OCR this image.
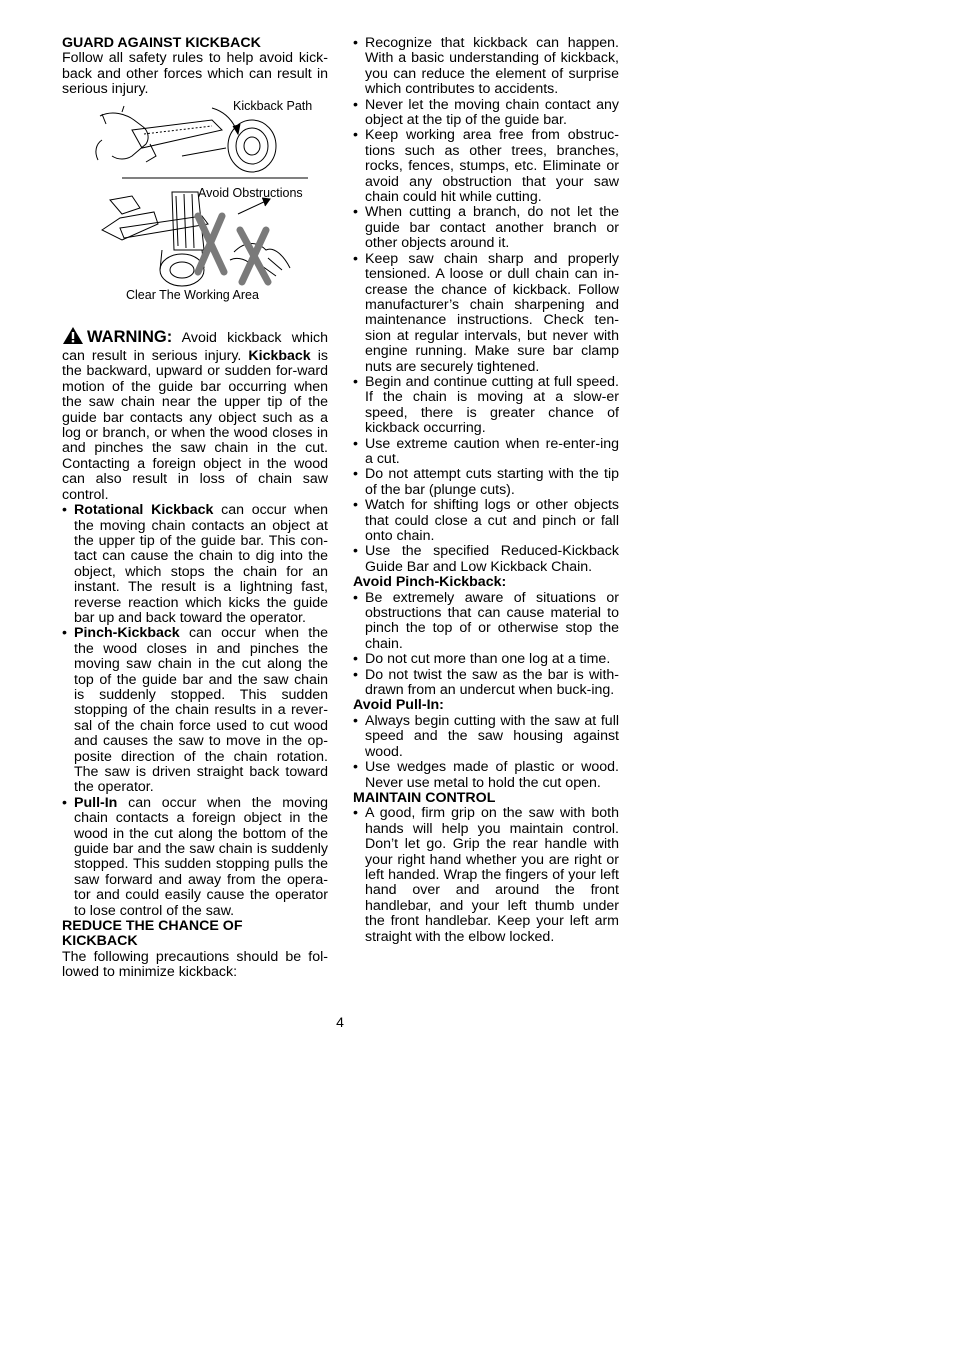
GUARD AGAINST KICKBACK

Follow all safety rules to help avoid kick-back and other forces which can result in serious injury.

Kickback Path
Avoid Obstructions
Clear The Working Area
WARNING: Avoid kickback which can result in serious injury. Kickback is the backward, upward or sudden for-ward motion of the guide bar occurring when the saw chain near the upper tip of the guide bar contacts any object such as a log or branch, or when the wood closes in and pinches the saw chain in the cut. Contacting a foreign object in the wood can also result in loss of chain saw control.
• Rotational Kickback can occur when the moving chain contacts an object at the upper tip of the guide bar. This con-tact can cause the chain to dig into the object, which stops the chain for an instant. The result is a lightning fast, reverse reaction which kicks the guide bar up and back toward the operator.
• Pinch-Kickback can occur when the the wood closes in and pinches the moving saw chain in the cut along the top of the guide bar and the saw chain is suddenly stopped. This sudden stopping of the chain results in a rever-sal of the chain force used to cut wood and causes the saw to move in the op-posite direction of the chain rotation. The saw is driven straight back toward the operator.
• Pull-In can occur when the moving chain contacts a foreign object in the wood in the cut along the bottom of the guide bar and the saw chain is suddenly stopped. This sudden stopping pulls the saw forward and away from the opera-tor and could easily cause the operator to lose control of the saw.
REDUCE THE CHANCE OF
KICKBACK

The following precautions should be fol-lowed to minimize kickback:

• Recognize that kickback can happen. With a basic understanding of kickback, you can reduce the element of surprise which contributes to accidents.
• Never let the moving chain contact any object at the tip of the guide bar.
• Keep working area free from obstruc-tions such as other trees, branches, rocks, fences, stumps, etc. Eliminate or avoid any obstruction that your saw chain could hit while cutting.
• When cutting a branch, do not let the guide bar contact another branch or other objects around it.
• Keep saw chain sharp and properly tensioned. A loose or dull chain can in-crease the chance of kickback. Follow manufacturer’s chain sharpening and maintenance instructions. Check ten-sion at regular intervals, but never with engine running. Make sure bar clamp nuts are securely tightened.
• Begin and continue cutting at full speed. If the chain is moving at a slow-er speed, there is greater chance of kickback occurring.
• Use extreme caution when re-enter-ing a cut.
• Do not attempt cuts starting with the tip of the bar (plunge cuts).
• Watch for shifting logs or other objects that could close a cut and pinch or fall onto chain.
• Use the specified Reduced-Kickback Guide Bar and Low Kickback Chain.
Avoid Pinch-Kickback:
• Be extremely aware of situations or obstructions that can cause material to pinch the top of or otherwise stop the chain.
• Do not cut more than one log at a time.
• Do not twist the saw as the bar is with-drawn from an undercut when buck-ing.
Avoid Pull-In:
• Always begin cutting with the saw at full speed and the saw housing against wood.
• Use wedges made of plastic or wood. Never use metal to hold the cut open.
MAINTAIN CONTROL
• A good, firm grip on the saw with both hands will help you maintain control. Don’t let go. Grip the rear handle with your right hand whether you are right or left handed. Wrap the fingers of your left hand over and around the front handlebar, and your left thumb under the front handlebar. Keep your left arm straight with the elbow locked.
4
